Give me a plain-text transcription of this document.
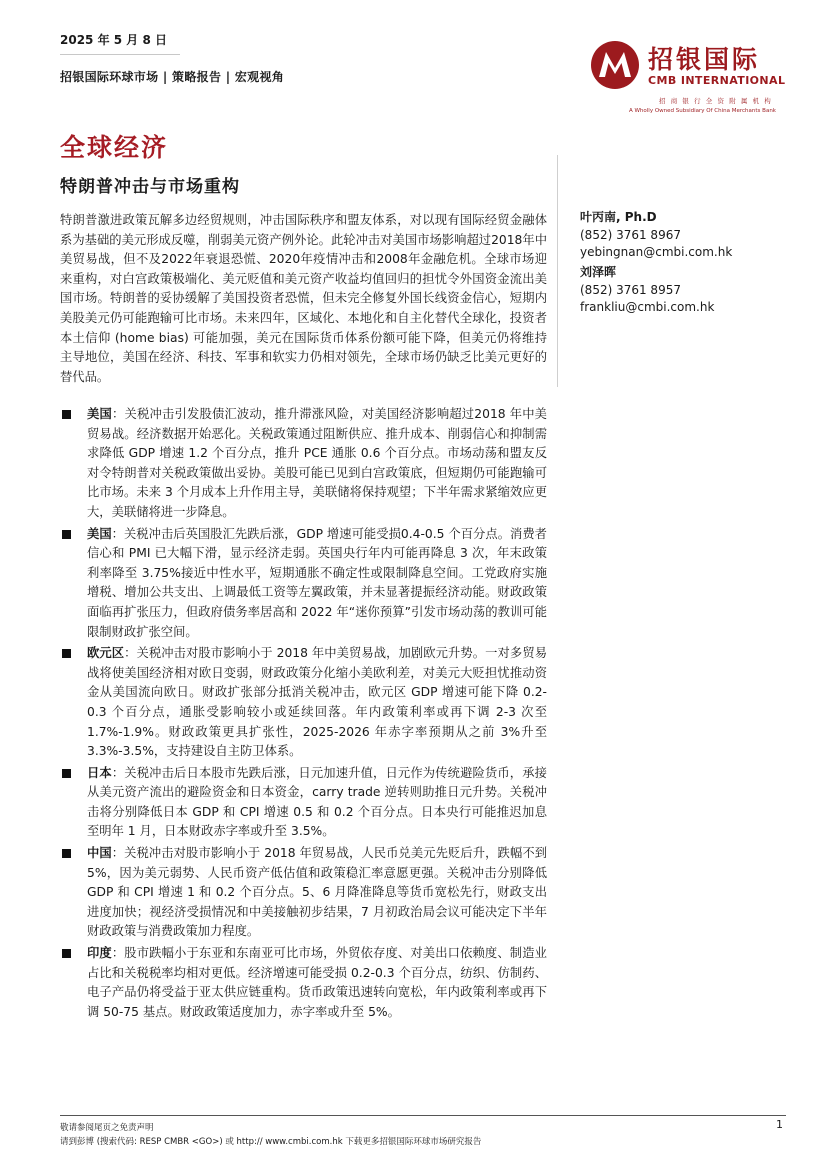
2025 年 5 月 8 日
招银国际环球市场 | 策略报告 | 宏观视角
招银国际
CMB INTERNATIONAL
招商银行全资附属机构
A Wholly Owned Subsidiary Of China Merchants Bank
全球经济
特朗普冲击与市场重构
特朗普激进政策瓦解多边经贸规则，冲击国际秩序和盟友体系，对以现有国际经贸金融体系为基础的美元形成反噬，削弱美元资产例外论。此轮冲击对美国市场影响超过2018年中美贸易战，但不及2022年衰退恐慌、2020年疫情冲击和2008年金融危机。全球市场迎来重构，对白宫政策极端化、美元贬值和美元资产收益均值回归的担忧令外国资金流出美国市场。特朗普的妥协缓解了美国投资者恐慌，但未完全修复外国长线资金信心，短期内美股美元仍可能跑输可比市场。未来四年，区域化、本地化和自主化替代全球化，投资者本土信仰 (home bias) 可能加强，美元在国际货币体系份额可能下降，但美元仍将维持主导地位，美国在经济、科技、军事和软实力仍相对领先，全球市场仍缺乏比美元更好的替代品。
叶丙南, Ph.D
(852) 3761 8967
yebingnan@cmbi.com.hk
刘泽晖
(852) 3761 8957
frankliu@cmbi.com.hk
美国：关税冲击引发股债汇波动，推升滞涨风险，对美国经济影响超过2018 年中美贸易战。经济数据开始恶化。关税政策通过阻断供应、推升成本、削弱信心和抑制需求降低 GDP 增速 1.2 个百分点，推升 PCE 通胀 0.6 个百分点。市场动荡和盟友反对令特朗普对关税政策做出妥协。美股可能已见到白宫政策底，但短期仍可能跑输可比市场。未来 3 个月成本上升作用主导，美联储将保持观望；下半年需求紧缩效应更大，美联储将进一步降息。
美国：关税冲击后英国股汇先跌后涨，GDP 增速可能受损0.4-0.5 个百分点。消费者信心和 PMI 已大幅下滑，显示经济走弱。英国央行年内可能再降息 3 次，年末政策利率降至 3.75%接近中性水平，短期通胀不确定性或限制降息空间。工党政府实施增税、增加公共支出、上调最低工资等左翼政策，并未显著提振经济动能。财政政策面临再扩张压力，但政府债务率居高和 2022 年“迷你预算”引发市场动荡的教训可能限制财政扩张空间。
欧元区：关税冲击对股市影响小于 2018 年中美贸易战，加剧欧元升势。一对多贸易战将使美国经济相对欧日变弱，财政政策分化缩小美欧利差，对美元大贬担忧推动资金从美国流向欧日。财政扩张部分抵消关税冲击，欧元区 GDP 增速可能下降 0.2-0.3 个百分点，通胀受影响较小或延续回落。年内政策利率或再下调 2-3 次至 1.7%-1.9%。财政政策更具扩张性，2025-2026 年赤字率预期从之前 3%升至 3.3%-3.5%，支持建设自主防卫体系。
日本：关税冲击后日本股市先跌后涨，日元加速升值，日元作为传统避险货币，承接从美元资产流出的避险资金和日本资金，carry trade 逆转则助推日元升势。关税冲击将分别降低日本 GDP 和 CPI 增速 0.5 和 0.2 个百分点。日本央行可能推迟加息至明年 1 月，日本财政赤字率或升至 3.5%。
中国：关税冲击对股市影响小于 2018 年贸易战，人民币兑美元先贬后升，跌幅不到 5%，因为美元弱势、人民币资产低估值和政策稳汇率意愿更强。关税冲击分别降低 GDP 和 CPI 增速 1 和 0.2 个百分点。5、6 月降准降息等货币宽松先行，财政支出进度加快；视经济受损情况和中美接触初步结果，7 月初政治局会议可能决定下半年财政政策与消费政策加力程度。
印度：股市跌幅小于东亚和东南亚可比市场，外贸依存度、对美出口依赖度、制造业占比和关税税率均相对更低。经济增速可能受损 0.2-0.3 个百分点，纺织、仿制药、电子产品仍将受益于亚太供应链重构。货币政策迅速转向宽松，年内政策利率或再下调 50-75 基点。财政政策适度加力，赤字率或升至 5%。
敬请参阅尾页之免责声明
请到彭博 (搜索代码: RESP CMBR <GO>) 或 http:// www.cmbi.com.hk 下载更多招银国际环球市场研究报告
1
